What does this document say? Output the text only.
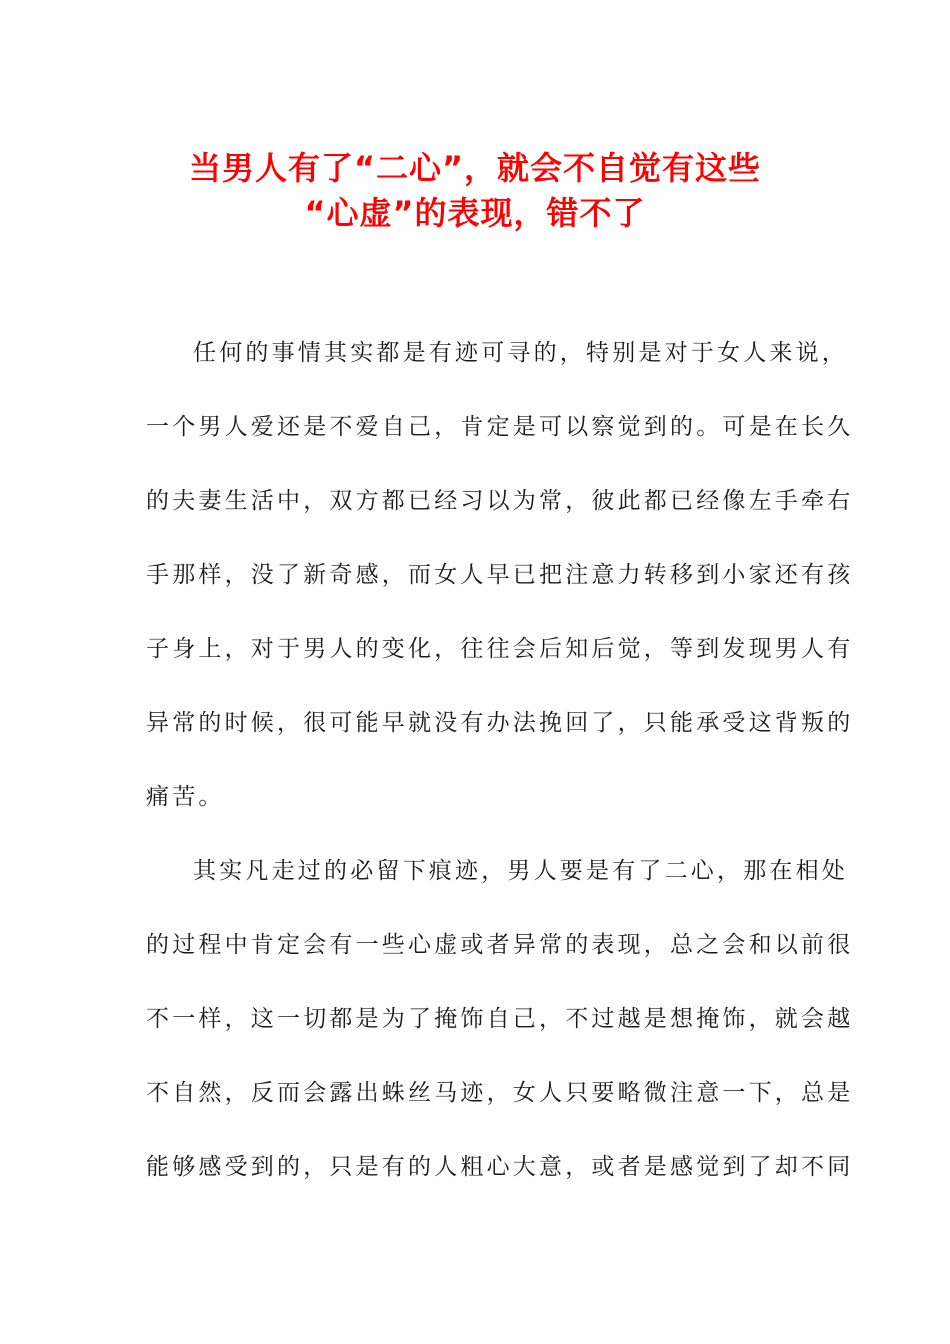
当男人有了“二心”，就会不自觉有这些
“心虚”的表现，错不了
任何的事情其实都是有迹可寻的，特别是对于女人来说，
一个男人爱还是不爱自己，肯定是可以察觉到的。可是在长久
的夫妻生活中，双方都已经习以为常，彼此都已经像左手牵右
手那样，没了新奇感，而女人早已把注意力转移到小家还有孩
子身上，对于男人的变化，往往会后知后觉，等到发现男人有
异常的时候，很可能早就没有办法挽回了，只能承受这背叛的
痛苦。
其实凡走过的必留下痕迹，男人要是有了二心，那在相处
的过程中肯定会有一些心虚或者异常的表现，总之会和以前很
不一样，这一切都是为了掩饰自己，不过越是想掩饰，就会越
不自然，反而会露出蛛丝马迹，女人只要略微注意一下，总是
能够感受到的，只是有的人粗心大意，或者是感觉到了却不同
